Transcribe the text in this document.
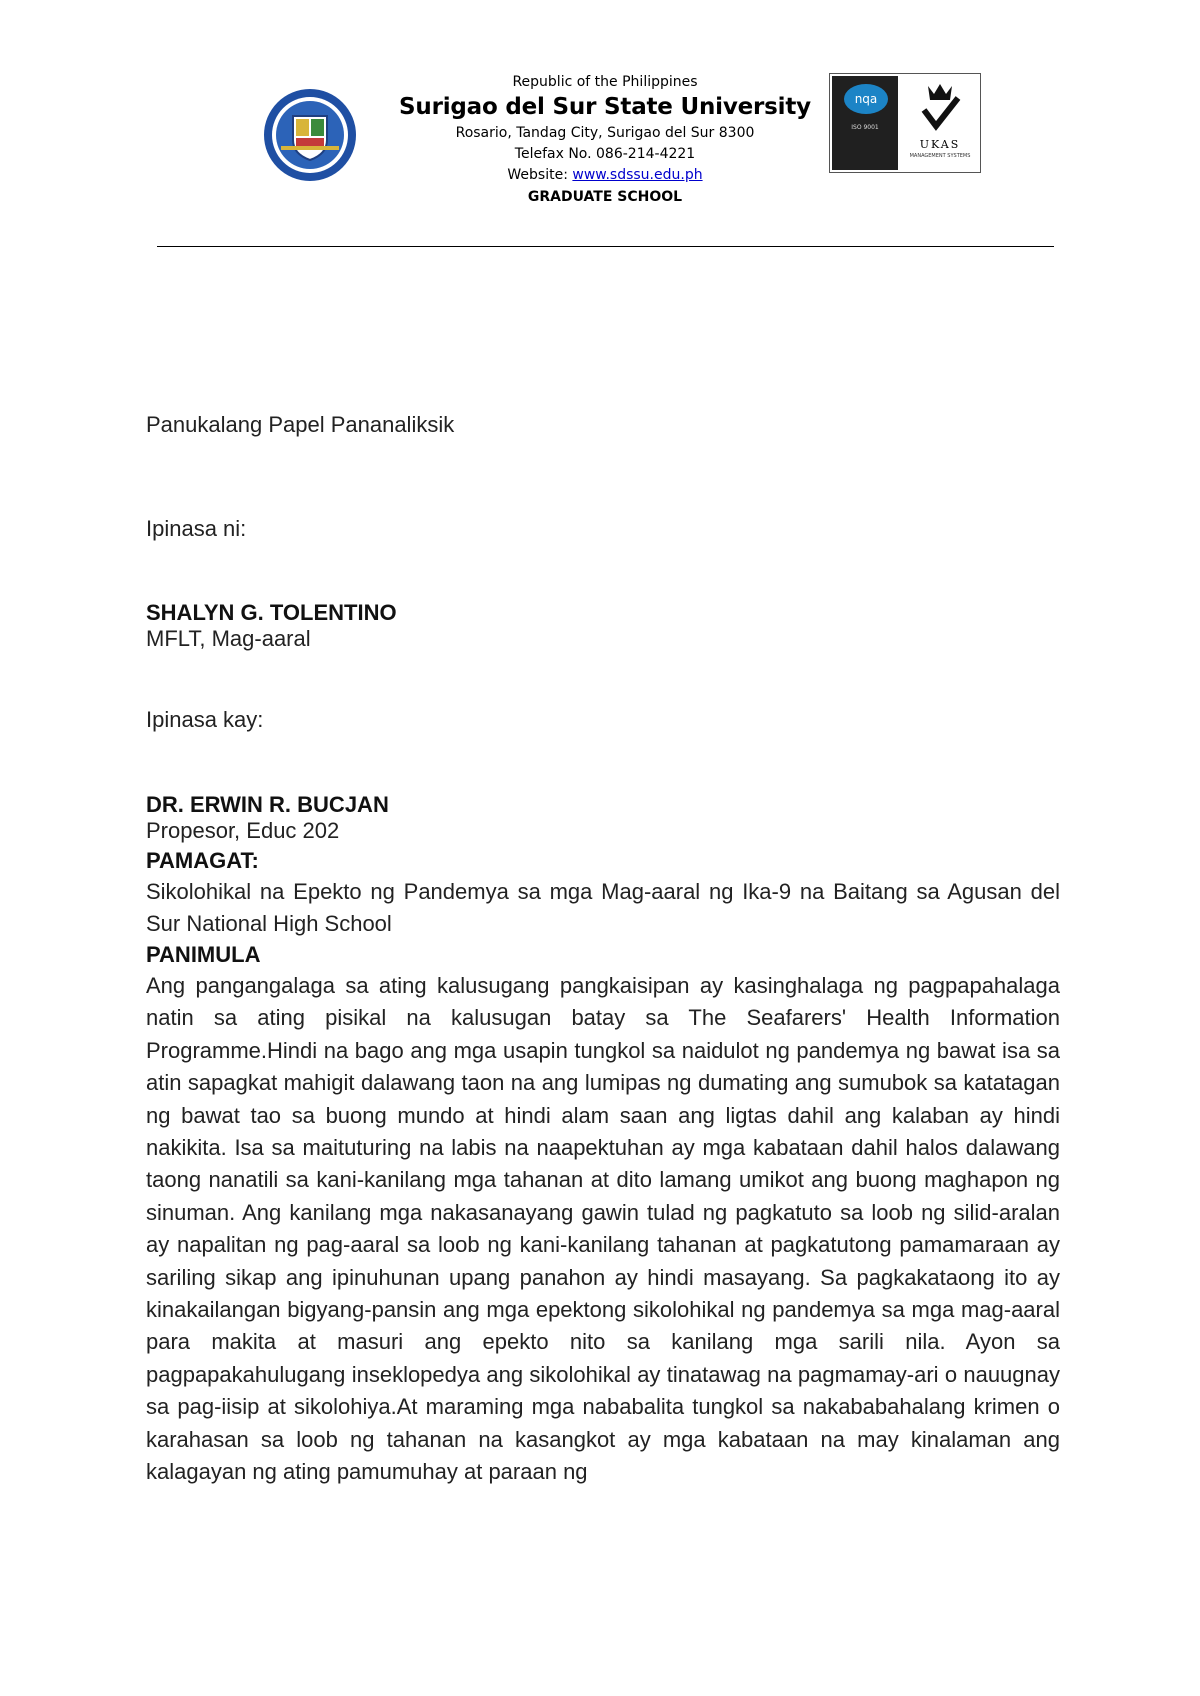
Republic of the Philippines
Surigao del Sur State University
Rosario, Tandag City, Surigao del Sur 8300
Telefax No. 086-214-4221
Website: www.sdssu.edu.ph
GRADUATE SCHOOL
nqa
ISO 9001
UKAS
MANAGEMENT SYSTEMS
Panukalang Papel Pananaliksik
Ipinasa ni:
SHALYN G. TOLENTINO
MFLT, Mag-aaral
Ipinasa kay:
DR. ERWIN R. BUCJAN
Propesor, Educ 202
PAMAGAT:

Sikolohikal na Epekto ng Pandemya sa mga Mag-aaral ng Ika-9 na Baitang sa Agusan del Sur National High School

PANIMULA

Ang pangangalaga sa ating kalusugang pangkaisipan ay kasinghalaga ng pagpapahalaga natin sa ating pisikal na kalusugan batay sa The Seafarers' Health Information Programme.Hindi na bago ang mga usapin tungkol sa naidulot ng pandemya ng bawat isa sa atin sapagkat mahigit dalawang taon na ang lumipas ng dumating ang sumubok sa katatagan ng bawat tao sa buong mundo at hindi alam saan ang ligtas dahil ang kalaban ay hindi nakikita. Isa sa maituturing na labis na naapektuhan ay mga kabataan dahil halos dalawang taong nanatili sa kani-kanilang mga tahanan at dito lamang umikot ang buong maghapon ng sinuman. Ang kanilang mga nakasanayang gawin tulad ng pagkatuto sa loob ng silid-aralan ay napalitan ng pag-aaral sa loob ng kani-kanilang tahanan at pagkatutong pamamaraan ay sariling sikap ang ipinuhunan upang panahon ay hindi masayang. Sa pagkakataong ito ay kinakailangan bigyang-pansin ang mga epektong sikolohikal ng pandemya sa mga mag-aaral para makita at masuri ang epekto nito sa kanilang mga sarili nila. Ayon sa pagpapakahulugang inseklopedya ang sikolohikal ay tinatawag na pagmamay-ari o nauugnay sa pag-iisip at sikolohiya.At maraming mga nababalita tungkol sa nakababahalang krimen o karahasan sa loob ng tahanan na kasangkot ay mga kabataan na may kinalaman ang kalagayan ng ating pamumuhay at paraan ng
